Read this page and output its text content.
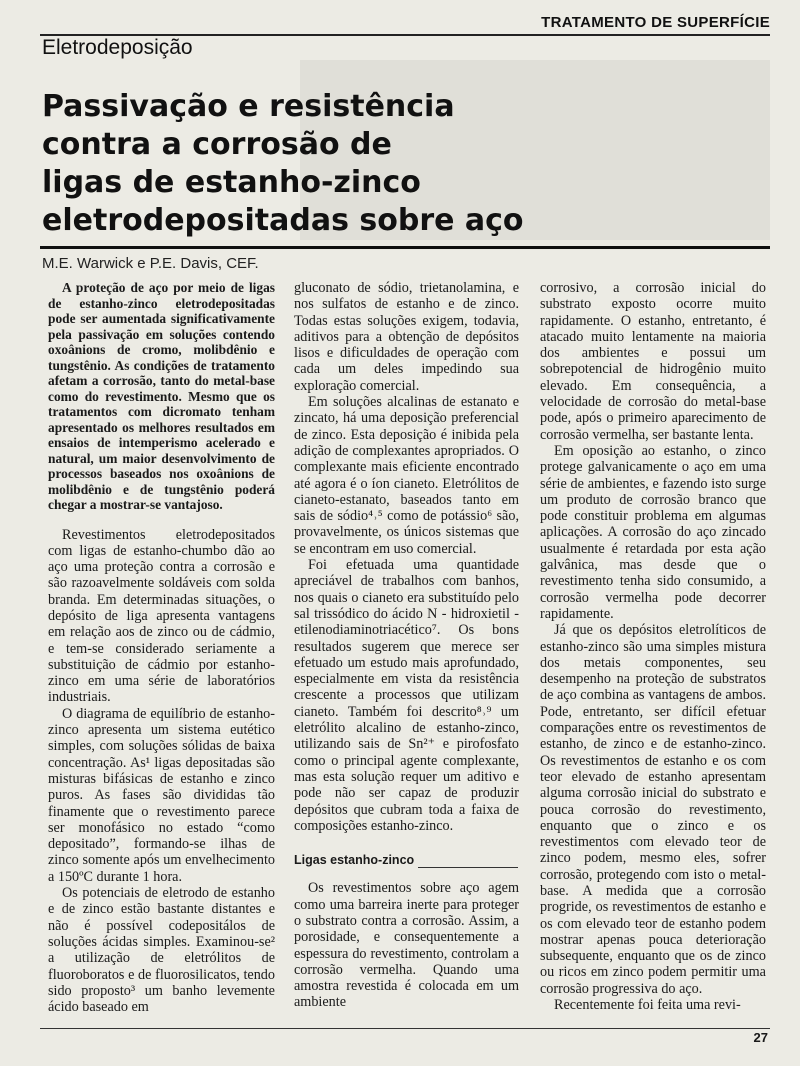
TRATAMENTO DE SUPERFÍCIE
Eletrodeposição
Passivação e resistência
contra a corrosão de
ligas de estanho-zinco
eletrodepositadas sobre aço
M.E. Warwick e P.E. Davis, CEF.

A proteção de aço por meio de ligas de estanho-zinco eletrodepositadas pode ser aumentada significativamente pela passivação em soluções contendo oxoânions de cromo, molibdênio e tungstênio. As condições de tratamento afetam a corrosão, tanto do metal-base como do revestimento. Mesmo que os tratamentos com dicromato tenham apresentado os melhores resultados em ensaios de intemperismo acelerado e natural, um maior desenvolvimento de processos baseados nos oxoânions de molibdênio e de tungstênio poderá chegar a mostrar-se vantajoso.

Revestimentos eletrodepositados com ligas de estanho-chumbo dão ao aço uma proteção contra a corrosão e são razoavelmente soldáveis com solda branda. Em determinadas situações, o depósito de liga apresenta vantagens em relação aos de zinco ou de cádmio, e tem-se considerado seriamente a substituição de cádmio por estanho-zinco em uma série de laboratórios industriais.

O diagrama de equilíbrio de estanho-zinco apresenta um sistema eutético simples, com soluções sólidas de baixa concentração. As¹ ligas depositadas são misturas bifásicas de estanho e zinco puros. As fases são divididas tão finamente que o revestimento parece ser monofásico no estado “como depositado”, formando-se ilhas de zinco somente após um envelhecimento a 150ºC durante 1 hora.

Os potenciais de eletrodo de estanho e de zinco estão bastante distantes e não é possível codepositálos de soluções ácidas simples. Examinou-se² a utilização de eletrólitos de fluoroboratos e de fluorosilicatos, tendo sido proposto³ um banho levemente ácido baseado em

gluconato de sódio, trietanolamina, e nos sulfatos de estanho e de zinco. Todas estas soluções exigem, todavia, aditivos para a obtenção de depósitos lisos e dificuldades de operação com cada um deles impedindo sua exploração comercial.

Em soluções alcalinas de estanato e zincato, há uma deposição preferencial de zinco. Esta deposição é inibida pela adição de complexantes apropriados. O complexante mais eficiente encontrado até agora é o íon cianeto. Eletrólitos de cianeto-estanato, baseados tanto em sais de sódio⁴˒⁵ como de potássio⁶ são, provavelmente, os únicos sistemas que se encontram em uso comercial.

Foi efetuada uma quantidade apreciável de trabalhos com banhos, nos quais o cianeto era substituído pelo sal trissódico do ácido N - hidroxietil - etilenodiaminotriacético⁷. Os bons resultados sugerem que merece ser efetuado um estudo mais aprofundado, especialmente em vista da resistência crescente a processos que utilizam cianeto. Também foi descrito⁸˒⁹ um eletrólito alcalino de estanho-zinco, utilizando sais de Sn²⁺ e pirofosfato como o principal agente complexante, mas esta solução requer um aditivo e pode não ser capaz de produzir depósitos que cubram toda a faixa de composições estanho-zinco.

Ligas estanho-zinco

Os revestimentos sobre aço agem como uma barreira inerte para proteger o substrato contra a corrosão. Assim, a porosidade, e consequentemente a espessura do revestimento, controlam a corrosão vermelha. Quando uma amostra revestida é colocada em um ambiente

corrosivo, a corrosão inicial do substrato exposto ocorre muito rapidamente. O estanho, entretanto, é atacado muito lentamente na maioria dos ambientes e possui um sobrepotencial de hidrogênio muito elevado. Em consequência, a velocidade de corrosão do metal-base pode, após o primeiro aparecimento de corrosão vermelha, ser bastante lenta.

Em oposição ao estanho, o zinco protege galvanicamente o aço em uma série de ambientes, e fazendo isto surge um produto de corrosão branco que pode constituir problema em algumas aplicações. A corrosão do aço zincado usualmente é retardada por esta ação galvânica, mas desde que o revestimento tenha sido consumido, a corrosão vermelha pode decorrer rapidamente.

Já que os depósitos eletrolíticos de estanho-zinco são uma simples mistura dos metais componentes, seu desempenho na proteção de substratos de aço combina as vantagens de ambos. Pode, entretanto, ser difícil efetuar comparações entre os revestimentos de estanho, de zinco e de estanho-zinco. Os revestimentos de estanho e os com teor elevado de estanho apresentam alguma corrosão inicial do substrato e pouca corrosão do revestimento, enquanto que o zinco e os revestimentos com elevado teor de zinco podem, mesmo eles, sofrer corrosão, protegendo com isto o metal-base. A medida que a corrosão progride, os revestimentos de estanho e os com elevado teor de estanho podem mostrar apenas pouca deterioração subsequente, enquanto que os de zinco ou ricos em zinco podem permitir uma corrosão progressiva do aço.

Recentemente foi feita uma revi-

27
